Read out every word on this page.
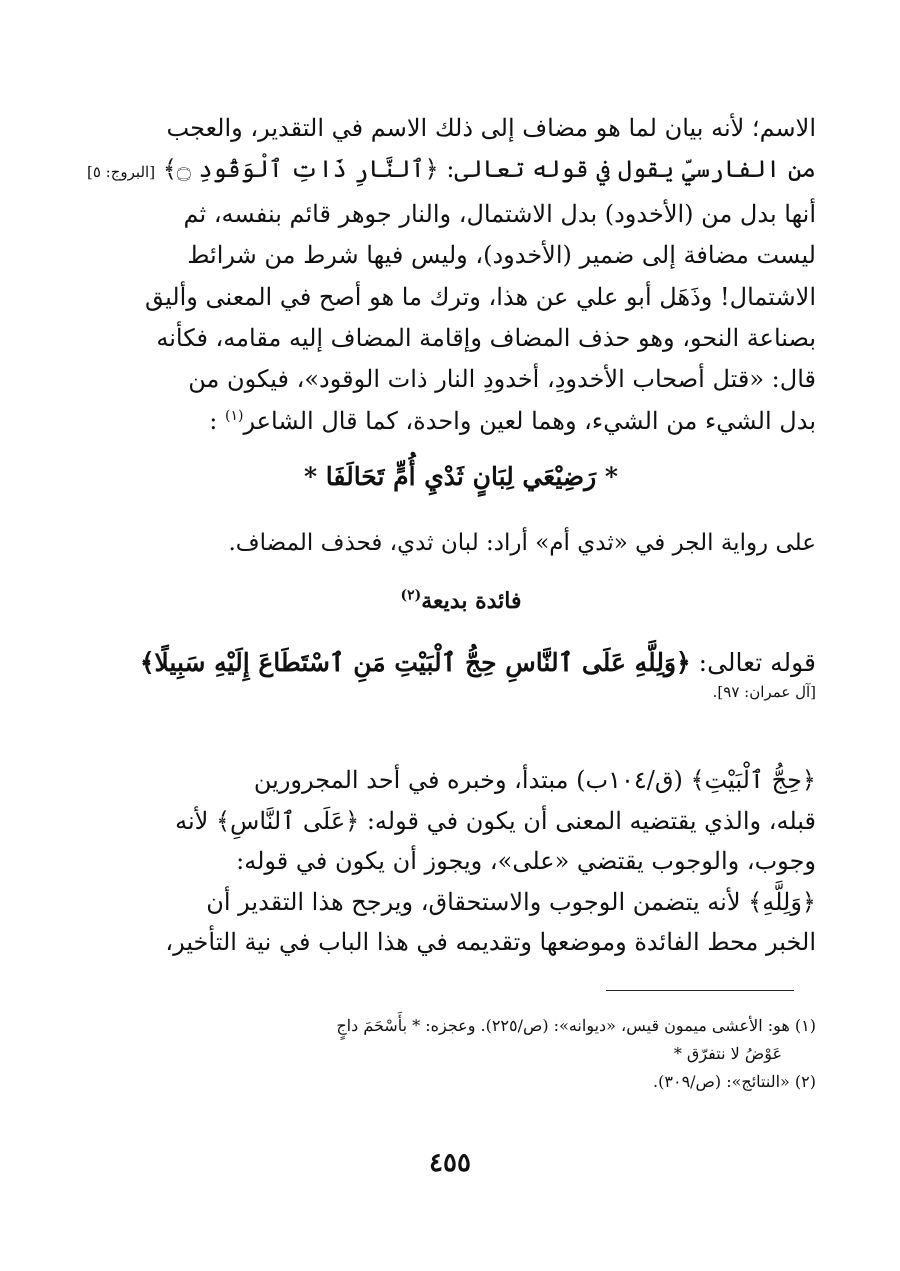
الاسم؛ لأنه بيان لما هو مضاف إلى ذلك الاسم في التقدير، والعجب
من الفارسيِّ يقول في قوله تعالى: ﴿ٱلنَّارِ ذَاتِ ٱلْوَقُودِ ۝﴾ [البروج: ٥]
أنها بدل من (الأخدود) بدل الاشتمال، والنار جوهر قائم بنفسه، ثم
ليست مضافة إلى ضمير (الأخدود)، وليس فيها شرط من شرائط
الاشتمال! وذَهَل أبو علي عن هذا، وترك ما هو أصح في المعنى وأليق
بصناعة النحو، وهو حذف المضاف وإقامة المضاف إليه مقامه، فكأنه
قال: «قتل أصحاب الأخدودِ، أخدودِ النار ذات الوقود»، فيكون من
بدل الشيء من الشيء، وهما لعين واحدة، كما قال الشاعر$^{(١)}$ :
* رَضِيْعَي لِبَانٍ ثَدْيِ أُمٍّ تَحَالَفَا *
على رواية الجر في «ثدي أم» أراد: لبان ثدي، فحذف المضاف.
فائدة بديعة$^{(٢)}$
قوله تعالى: ﴿وَلِلَّهِ عَلَى ٱلنَّاسِ حِجُّ ٱلْبَيْتِ مَنِ ٱسْتَطَاعَ إِلَيْهِ سَبِيلًا﴾
[آل عمران: ٩٧].
﴿حِجُّ ٱلْبَيْتِ﴾ (ق/١٠٤ب) مبتدأ، وخبره في أحد المجرورين
قبله، والذي يقتضيه المعنى أن يكون في قوله: ﴿عَلَى ٱلنَّاسِ﴾ لأنه
وجوب، والوجوب يقتضي «على»، ويجوز أن يكون في قوله:
﴿وَلِلَّهِ﴾ لأنه يتضمن الوجوب والاستحقاق، ويرجح هذا التقدير أن
الخبر محط الفائدة وموضعها وتقديمه في هذا الباب في نية التأخير،
(١) هو: الأعشى ميمون قيس، «ديوانه»: (ص/٢٢٥). وعجزه: * بأَسْحَمَ داجٍ
عَوْضُ لا نتفرّق *
(٢) «النتائج»: (ص/٣٠٩).
٤٥٥
